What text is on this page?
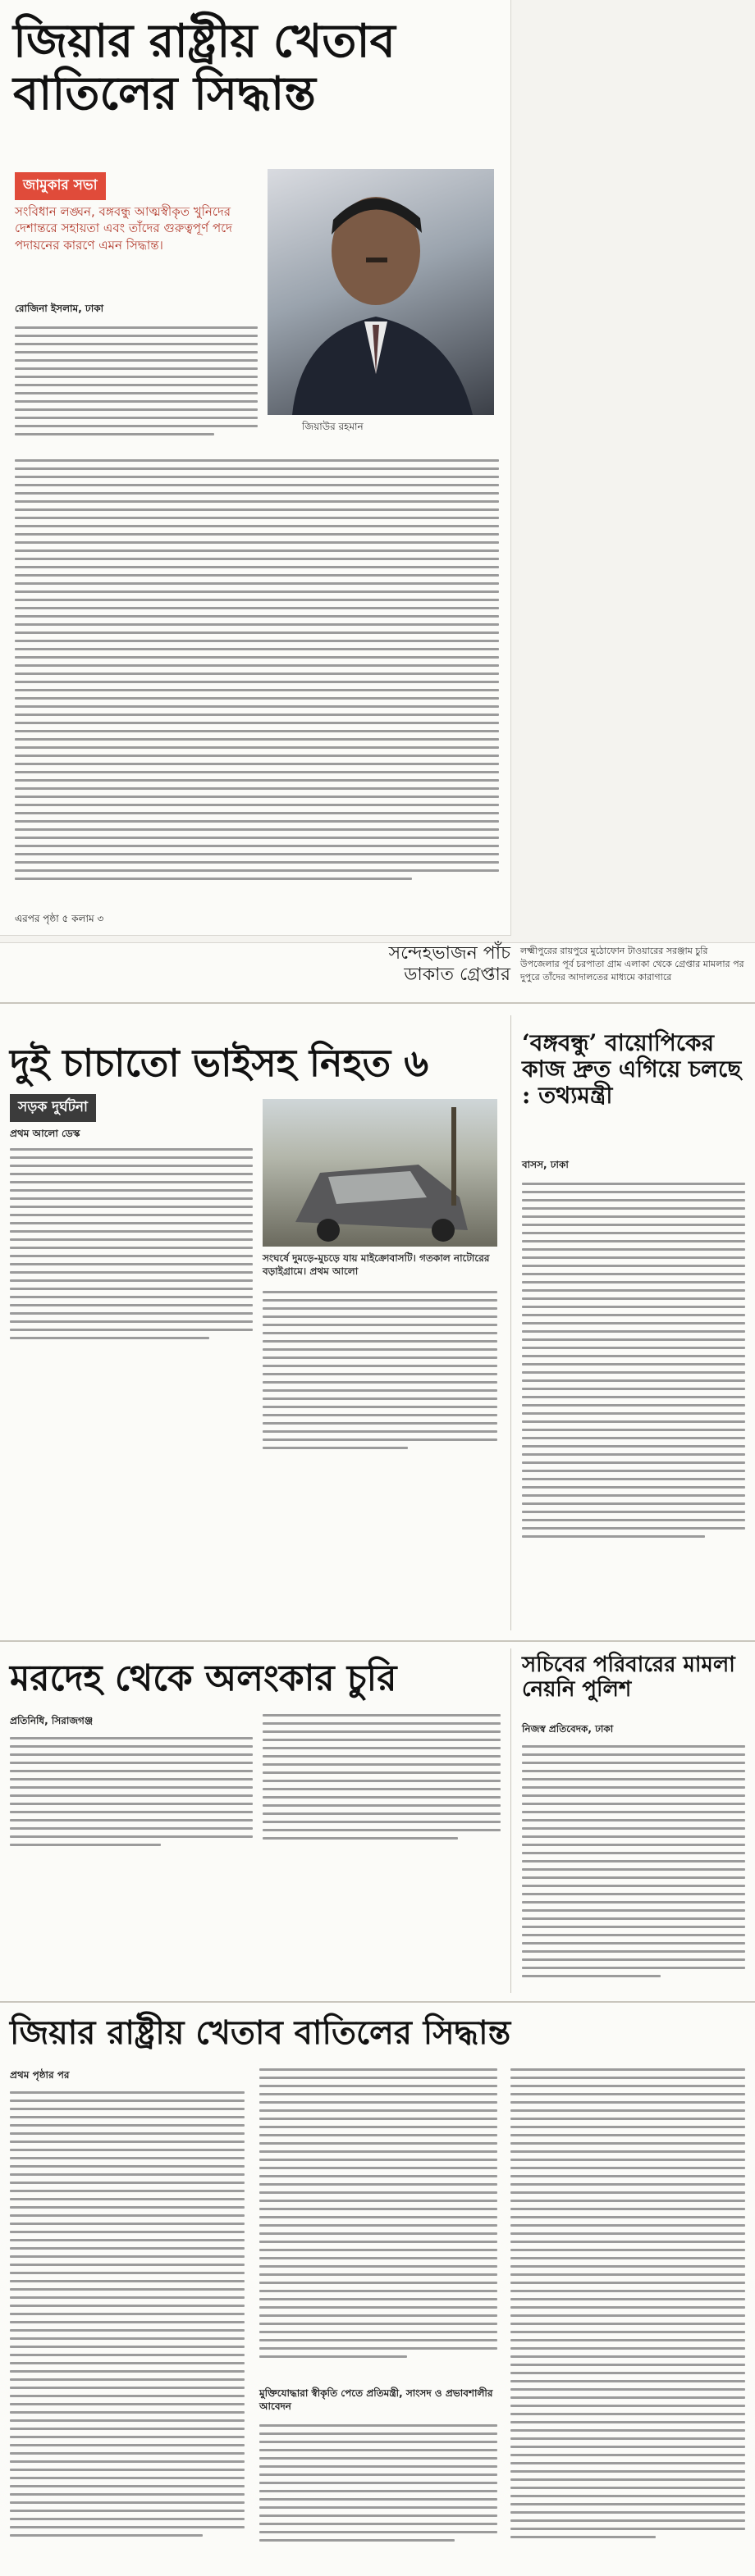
জিয়ার রাষ্ট্রীয় খেতাব বাতিলের সিদ্ধান্ত
জামুকার সভা
সংবিধান লঙ্ঘন, বঙ্গবন্ধু আত্মস্বীকৃত খুনিদের দেশান্তরে সহায়তা এবং তাঁদের গুরুত্বপূর্ণ পদে পদায়নের কারণে এমন সিদ্ধান্ত।
জিয়াউর রহমান
রোজিনা ইসলাম, ঢাকা
এরপর পৃষ্ঠা ৫ কলাম ৩
সন্দেহভাজন পাঁচ
ডাকাত গ্রেপ্তার
লক্ষ্মীপুরের রায়পুরে মুঠোফোন টাওয়ারের সরঞ্জাম চুরি উপজেলার পূর্ব চরপাতা গ্রাম এলাকা থেকে গ্রেপ্তার মামলার পর দুপুরে তাঁদের আদালতের মাধ্যমে কারাগারে
দুই চাচাতো ভাইসহ নিহত ৬
সড়ক দুর্ঘটনা
প্রথম আলো ডেস্ক
সংঘর্ষে দুমড়ে-মুচড়ে যায় মাইক্রোবাসটি। গতকাল নাটোরের বড়াইগ্রামে। প্রথম আলো
‘বঙ্গবন্ধু’ বায়োপিকের কাজ দ্রুত এগিয়ে চলছে : তথ্যমন্ত্রী
বাসস, ঢাকা
মরদেহ থেকে অলংকার চুরি
প্রতিনিধি, সিরাজগঞ্জ
সচিবের পরিবারের মামলা নেয়নি পুলিশ
নিজস্ব প্রতিবেদক, ঢাকা
জিয়ার রাষ্ট্রীয় খেতাব বাতিলের সিদ্ধান্ত
প্রথম পৃষ্ঠার পর
মুক্তিযোদ্ধারা স্বীকৃতি পেতে প্রতিমন্ত্রী, সাংসদ ও প্রভাবশালীর আবেদন
